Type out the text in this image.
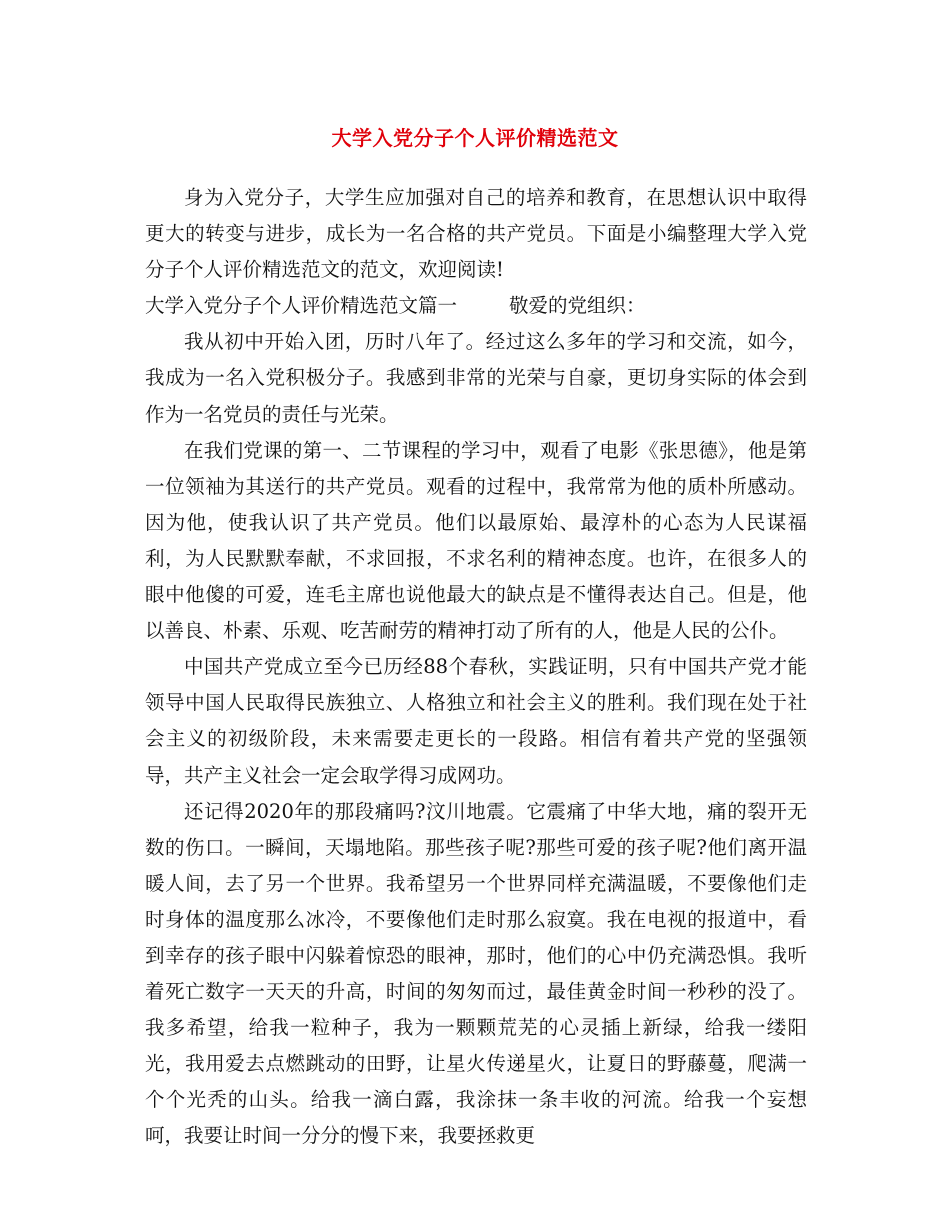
大学入党分子个人评价精选范文

身为入党分子，大学生应加强对自己的培养和教育，在思想认识中取得更大的转变与进步，成长为一名合格的共产党员。下面是小编整理大学入党分子个人评价精选范文的范文，欢迎阅读!

大学入党分子个人评价精选范文篇一	敬爱的党组织：

我从初中开始入团，历时八年了。经过这么多年的学习和交流，如今，我成为一名入党积极分子。我感到非常的光荣与自豪，更切身实际的体会到作为一名党员的责任与光荣。

在我们党课的第一、二节课程的学习中，观看了电影《张思德》，他是第一位领袖为其送行的共产党员。观看的过程中，我常常为他的质朴所感动。因为他，使我认识了共产党员。他们以最原始、最淳朴的心态为人民谋福利，为人民默默奉献，不求回报，不求名利的精神态度。也许，在很多人的眼中他傻的可爱，连毛主席也说他最大的缺点是不懂得表达自己。但是，他以善良、朴素、乐观、吃苦耐劳的精神打动了所有的人，他是人民的公仆。

中国共产党成立至今已历经88个春秋，实践证明，只有中国共产党才能领导中国人民取得民族独立、人格独立和社会主义的胜利。我们现在处于社会主义的初级阶段，未来需要走更长的一段路。相信有着共产党的坚强领导，共产主义社会一定会取学得习成网功。

还记得2020年的那段痛吗?汶川地震。它震痛了中华大地，痛的裂开无数的伤口。一瞬间，天塌地陷。那些孩子呢?那些可爱的孩子呢?他们离开温暖人间，去了另一个世界。我希望另一个世界同样充满温暖，不要像他们走时身体的温度那么冰冷，不要像他们走时那么寂寞。我在电视的报道中，看到幸存的孩子眼中闪躲着惊恐的眼神，那时，他们的心中仍充满恐惧。我听着死亡数字一天天的升高，时间的匆匆而过，最佳黄金时间一秒秒的没了。我多希望，给我一粒种子，我为一颗颗荒芜的心灵插上新绿，给我一缕阳光，我用爱去点燃跳动的田野，让星火传递星火，让夏日的野藤蔓，爬满一个个光秃的山头。给我一滴白露，我涂抹一条丰收的河流。给我一个妄想呵，我要让时间一分分的慢下来，我要拯救更
